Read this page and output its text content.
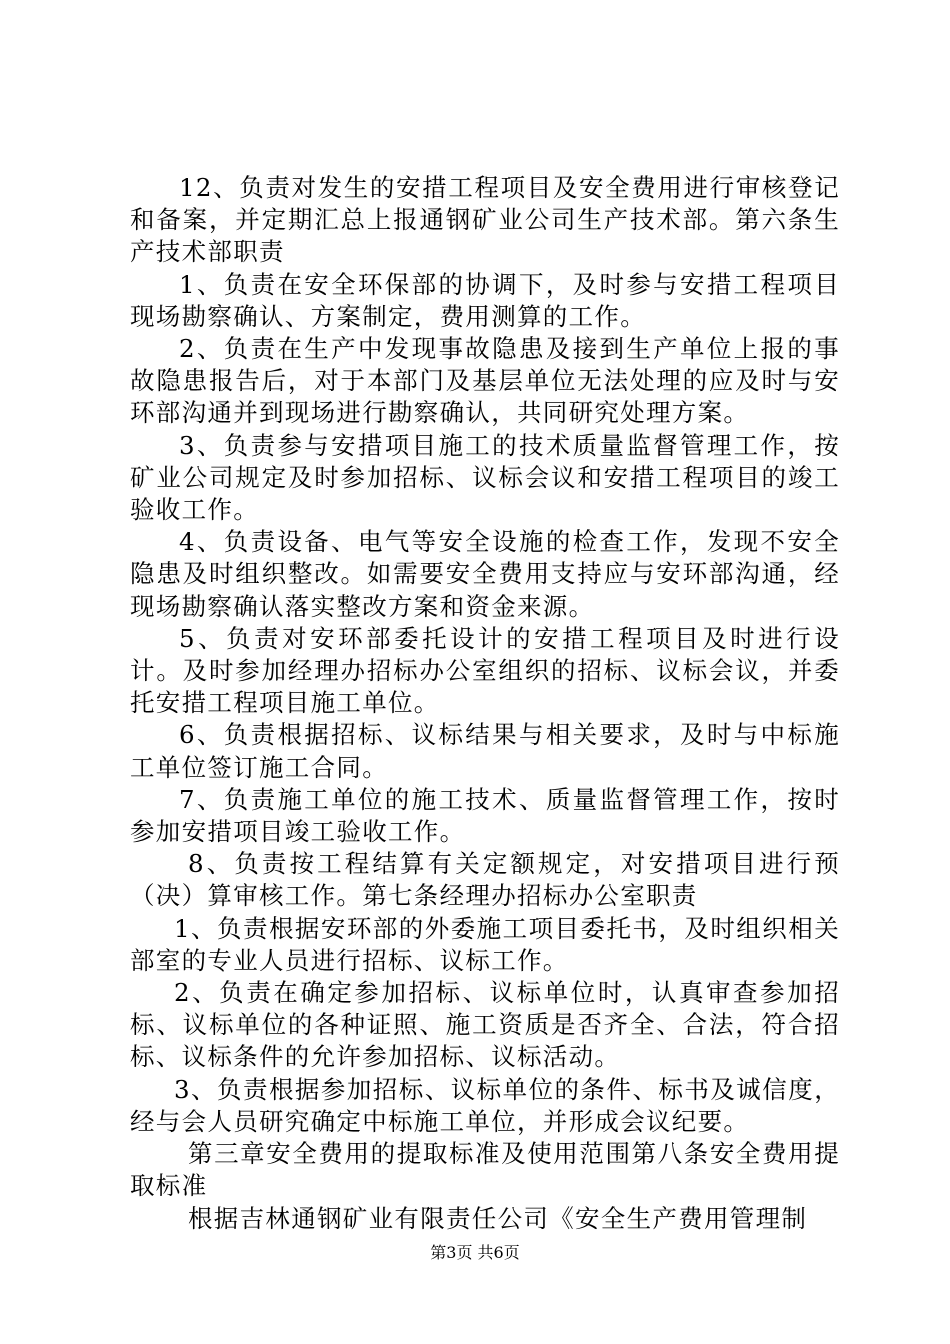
12、负责对发生的安措工程项目及安全费用进行审核登记和备案，并定期汇总上报通钢矿业公司生产技术部。第六条生产技术部职责

1、负责在安全环保部的协调下，及时参与安措工程项目现场勘察确认、方案制定，费用测算的工作。

2、负责在生产中发现事故隐患及接到生产单位上报的事故隐患报告后，对于本部门及基层单位无法处理的应及时与安环部沟通并到现场进行勘察确认，共同研究处理方案。

3、负责参与安措项目施工的技术质量监督管理工作，按矿业公司规定及时参加招标、议标会议和安措工程项目的竣工验收工作。

4、负责设备、电气等安全设施的检查工作，发现不安全隐患及时组织整改。如需要安全费用支持应与安环部沟通，经现场勘察确认落实整改方案和资金来源。

5、负责对安环部委托设计的安措工程项目及时进行设计。及时参加经理办招标办公室组织的招标、议标会议，并委托安措工程项目施工单位。

6、负责根据招标、议标结果与相关要求，及时与中标施工单位签订施工合同。

7、负责施工单位的施工技术、质量监督管理工作，按时参加安措项目竣工验收工作。

8、负责按工程结算有关定额规定，对安措项目进行预（决）算审核工作。第七条经理办招标办公室职责

1、负责根据安环部的外委施工项目委托书，及时组织相关部室的专业人员进行招标、议标工作。

2、负责在确定参加招标、议标单位时，认真审查参加招标、议标单位的各种证照、施工资质是否齐全、合法，符合招标、议标条件的允许参加招标、议标活动。

3、负责根据参加招标、议标单位的条件、标书及诚信度，经与会人员研究确定中标施工单位，并形成会议纪要。

第三章安全费用的提取标准及使用范围第八条安全费用提取标准

根据吉林通钢矿业有限责任公司《安全生产费用管理制

第3页 共6页
